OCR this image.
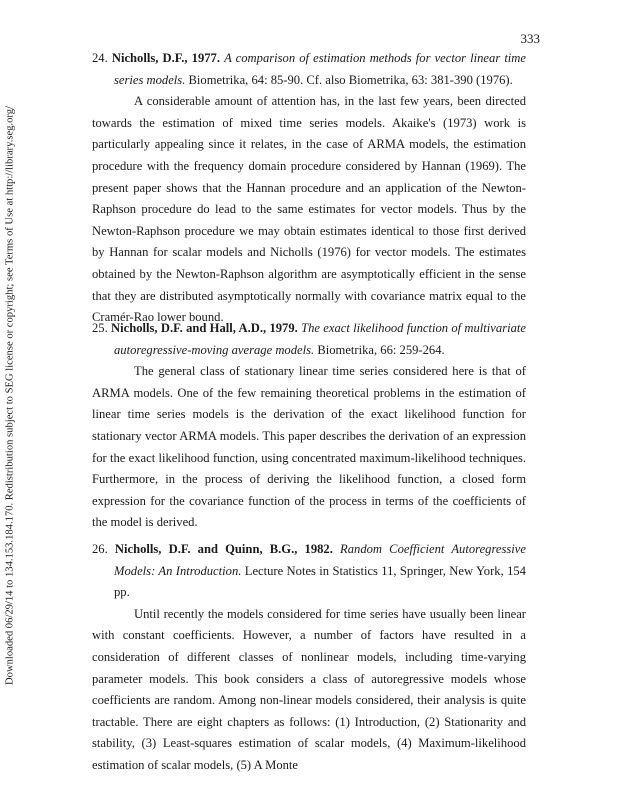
333
Downloaded 06/29/14 to 134.153.184.170. Redistribution subject to SEG license or copyright; see Terms of Use at http://library.seg.org/

24. Nicholls, D.F., 1977. A comparison of estimation methods for vector linear time series models. Biometrika, 64: 85-90. Cf. also Biometrika, 63: 381-390 (1976).

A considerable amount of attention has, in the last few years, been directed towards the estimation of mixed time series models. Akaike's (1973) work is particularly appealing since it relates, in the case of ARMA models, the estimation procedure with the frequency domain procedure considered by Hannan (1969). The present paper shows that the Hannan procedure and an application of the Newton-Raphson procedure do lead to the same estimates for vector models. Thus by the Newton-Raphson procedure we may obtain estimates identical to those first derived by Hannan for scalar models and Nicholls (1976) for vector models. The estimates obtained by the Newton-Raphson algorithm are asymptotically efficient in the sense that they are distributed asymptotically normally with covariance matrix equal to the Cramér-Rao lower bound.

25. Nicholls, D.F. and Hall, A.D., 1979. The exact likelihood function of multivariate autoregressive-moving average models. Biometrika, 66: 259-264.

The general class of stationary linear time series considered here is that of ARMA models. One of the few remaining theoretical problems in the estimation of linear time series models is the derivation of the exact likelihood function for stationary vector ARMA models. This paper describes the derivation of an expression for the exact likelihood function, using concentrated maximum-likelihood techniques. Furthermore, in the process of deriving the likelihood function, a closed form expression for the covariance function of the process in terms of the coefficients of the model is derived.

26. Nicholls, D.F. and Quinn, B.G., 1982. Random Coefficient Autoregressive Models: An Introduction. Lecture Notes in Statistics 11, Springer, New York, 154 pp.

Until recently the models considered for time series have usually been linear with constant coefficients. However, a number of factors have resulted in a consideration of different classes of nonlinear models, including time-varying parameter models. This book considers a class of autoregressive models whose coefficients are random. Among non-linear models considered, their analysis is quite tractable. There are eight chapters as follows: (1) Introduction, (2) Stationarity and stability, (3) Least-squares estimation of scalar models, (4) Maximum-likelihood estimation of scalar models, (5) A Monte
